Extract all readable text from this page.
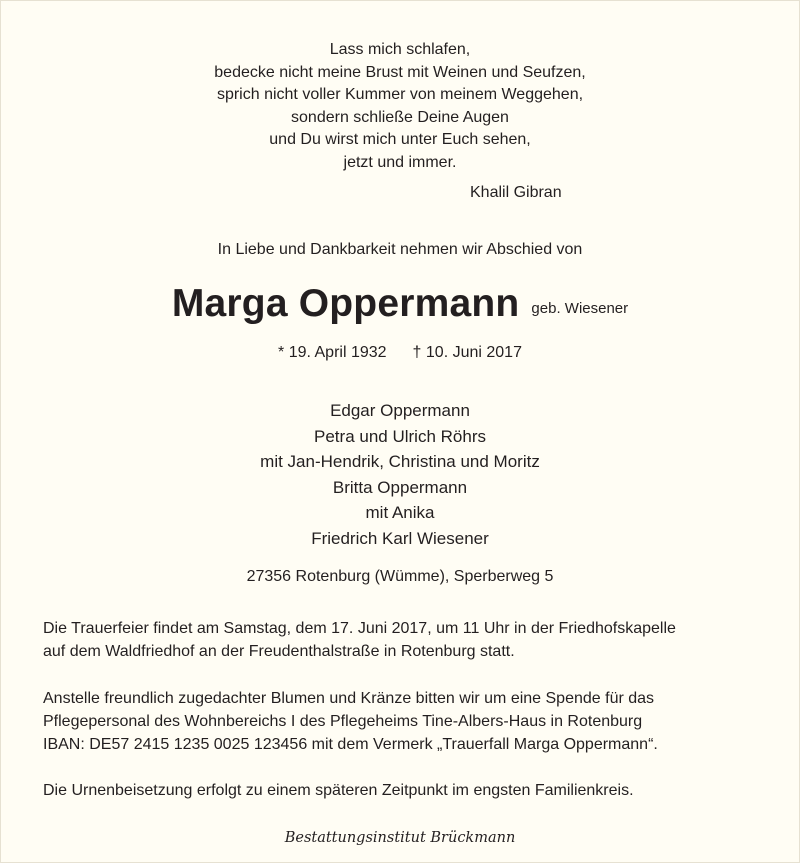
Lass mich schlafen,

bedecke nicht meine Brust mit Weinen und Seufzen,

sprich nicht voller Kummer von meinem Weggehen,

sondern schließe Deine Augen

und Du wirst mich unter Euch sehen,

jetzt und immer.

Khalil Gibran
In Liebe und Dankbarkeit nehmen wir Abschied von
Marga Oppermann geb. Wiesener
* 19. April 1932 † 10. Juni 2017

Edgar Oppermann

Petra und Ulrich Röhrs

mit Jan-Hendrik, Christina und Moritz

Britta Oppermann

mit Anika

Friedrich Karl Wiesener

27356 Rotenburg (Wümme), Sperberweg 5

Die Trauerfeier findet am Samstag, dem 17. Juni 2017, um 11 Uhr in der Friedhofskapelle
auf dem Waldfriedhof an der Freudenthalstraße in Rotenburg statt.

Anstelle freundlich zugedachter Blumen und Kränze bitten wir um eine Spende für das
Pflegepersonal des Wohnbereichs I des Pflegeheims Tine-Albers-Haus in Rotenburg
IBAN: DE57 2415 1235 0025 123456 mit dem Vermerk „Trauerfall Marga Oppermann“.

Die Urnenbeisetzung erfolgt zu einem späteren Zeitpunkt im engsten Familienkreis.

Bestattungsinstitut Brückmann
